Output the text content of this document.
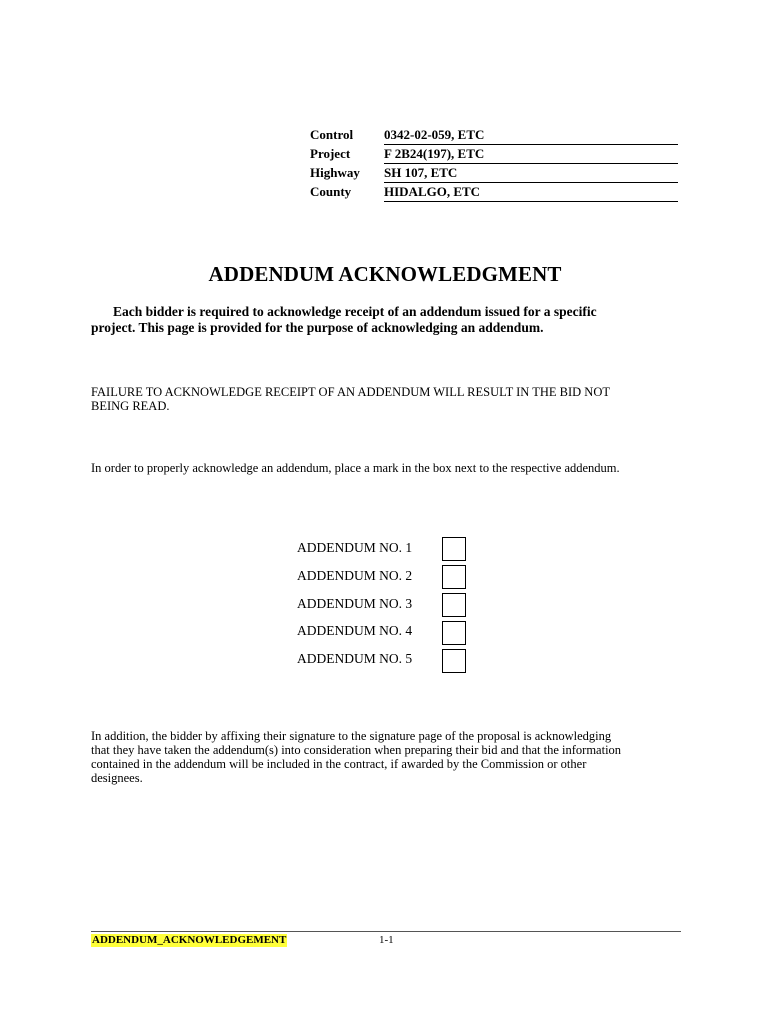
Control 0342-02-059, ETC
Project	F 2B24(197), ETC
Highway SH 107, ETC
County	HIDALGO, ETC
ADDENDUM ACKNOWLEDGMENT
Each bidder is required to acknowledge receipt of an addendum issued for a specific
project. This page is provided for the purpose of acknowledging an addendum.
FAILURE TO ACKNOWLEDGE RECEIPT OF AN ADDENDUM WILL RESULT IN THE BID NOT
BEING READ.
In order to properly acknowledge an addendum, place a mark in the box next to the respective addendum.
ADDENDUM NO. 1
ADDENDUM NO. 2
ADDENDUM NO. 3
ADDENDUM NO. 4
ADDENDUM NO. 5
In addition, the bidder by affixing their signature to the signature page of the proposal is acknowledging
that they have taken the addendum(s) into consideration when preparing their bid and that the information
contained in the addendum will be included in the contract, if awarded by the Commission or other
designees.
ADDENDUM_ACKNOWLEDGEMENT	1-1
